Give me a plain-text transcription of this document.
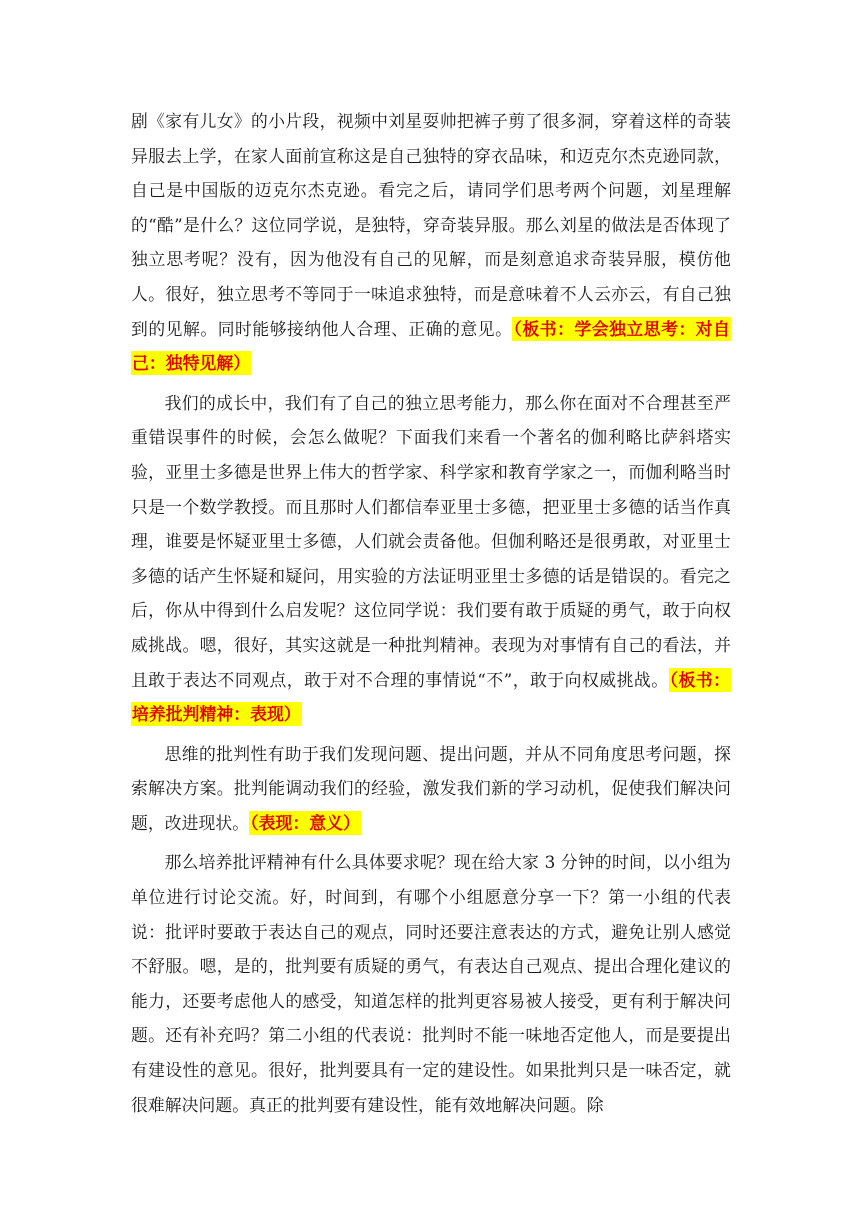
剧《家有儿女》的小片段，视频中刘星耍帅把裤子剪了很多洞，穿着这样的奇装异服去上学，在家人面前宣称这是自己独特的穿衣品味，和迈克尔杰克逊同款，自己是中国版的迈克尔杰克逊。看完之后，请同学们思考两个问题，刘星理解的“酷”是什么？这位同学说，是独特，穿奇装异服。那么刘星的做法是否体现了独立思考呢？没有，因为他没有自己的见解，而是刻意追求奇装异服，模仿他人。很好，独立思考不等同于一味追求独特，而是意味着不人云亦云，有自己独到的见解。同时能够接纳他人合理、正确的意见。（板书：学会独立思考：对自己：独特见解）

我们的成长中，我们有了自己的独立思考能力，那么你在面对不合理甚至严重错误事件的时候，会怎么做呢？下面我们来看一个著名的伽利略比萨斜塔实验，亚里士多德是世界上伟大的哲学家、科学家和教育学家之一，而伽利略当时只是一个数学教授。而且那时人们都信奉亚里士多德，把亚里士多德的话当作真理，谁要是怀疑亚里士多德，人们就会责备他。但伽利略还是很勇敢，对亚里士多德的话产生怀疑和疑问，用实验的方法证明亚里士多德的话是错误的。看完之后，你从中得到什么启发呢？这位同学说：我们要有敢于质疑的勇气，敢于向权威挑战。嗯，很好，其实这就是一种批判精神。表现为对事情有自己的看法，并且敢于表达不同观点，敢于对不合理的事情说“不”，敢于向权威挑战。（板书：培养批判精神：表现）

思维的批判性有助于我们发现问题、提出问题，并从不同角度思考问题，探索解决方案。批判能调动我们的经验，激发我们新的学习动机，促使我们解决问题，改进现状。（表现：意义）

那么培养批评精神有什么具体要求呢？现在给大家 3 分钟的时间，以小组为单位进行讨论交流。好，时间到，有哪个小组愿意分享一下？第一小组的代表说：批评时要敢于表达自己的观点，同时还要注意表达的方式，避免让别人感觉不舒服。嗯，是的，批判要有质疑的勇气，有表达自己观点、提出合理化建议的能力，还要考虑他人的感受，知道怎样的批判更容易被人接受，更有利于解决问题。还有补充吗？第二小组的代表说：批判时不能一味地否定他人，而是要提出有建设性的意见。很好，批判要具有一定的建设性。如果批判只是一味否定，就很难解决问题。真正的批判要有建设性，能有效地解决问题。除
